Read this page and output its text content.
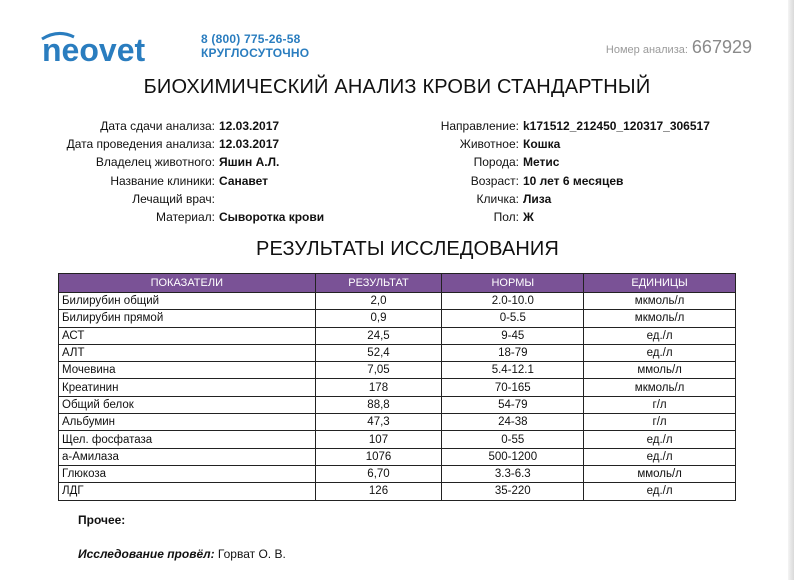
neovet	8 (800) 775-26-58
КРУГЛОСУТОЧНО	Номер анализа: 667929
БИОХИМИЧЕСКИЙ АНАЛИЗ КРОВИ СТАНДАРТНЫЙ
Дата сдачи анализа: 12.03.2017
Дата проведения анализа: 12.03.2017
Владелец животного: Яшин А.Л.
Название клиники: Санавет
Лечащий врач:
Материал: Сыворотка крови
Направление: k171512_212450_120317_306517
Животное: Кошка
Порода: Метис
Возраст: 10 лет 6 месяцев
Кличка: Лиза
Пол: Ж
РЕЗУЛЬТАТЫ ИССЛЕДОВАНИЯ
ПОКАЗАТЕЛИ	РЕЗУЛЬТАТ	НОРМЫ	ЕДИНИЦЫ
Билирубин общий	2,0	2.0-10.0	мкмоль/л
Билирубин прямой	0,9	0-5.5	мкмоль/л
АСТ	24,5	9-45	ед./л
АЛТ	52,4	18-79	ед./л
Мочевина	7,05	5.4-12.1	ммоль/л
Креатинин	178	70-165	мкмоль/л
Общий белок	88,8	54-79	г/л
Альбумин	47,3	24-38	г/л
Щел. фосфатаза	107	0-55	ед./л
а-Амилаза	1076	500-1200	ед./л
Глюкоза	6,70	3.3-6.3	ммоль/л
ЛДГ	126	35-220	ед./л
Прочее:
Исследование провёл: Горват О. В.
